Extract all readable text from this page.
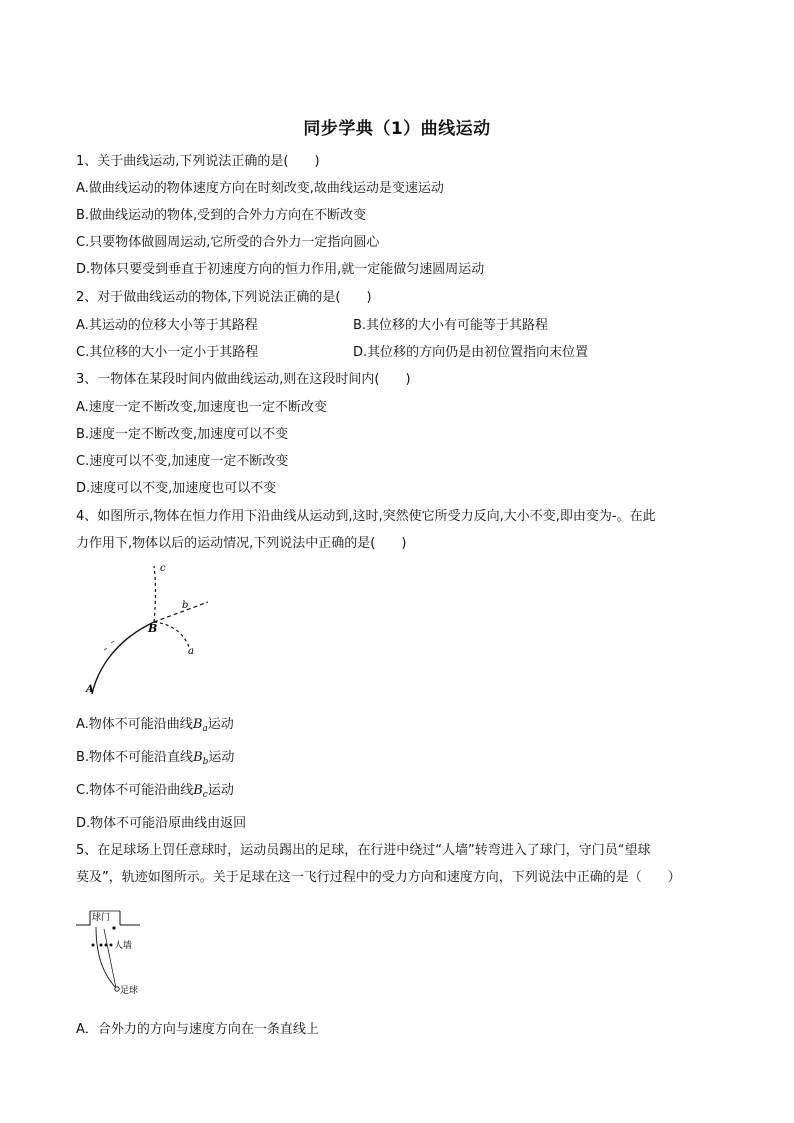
同步学典（1）曲线运动
1、关于曲线运动,下列说法正确的是(　　)
A.做曲线运动的物体速度方向在时刻改变,故曲线运动是变速运动
B.做曲线运动的物体,受到的合外力方向在不断改变
C.只要物体做圆周运动,它所受的合外力一定指向圆心
D.物体只要受到垂直于初速度方向的恒力作用,就一定能做匀速圆周运动
2、对于做曲线运动的物体,下列说法正确的是(　　)
A.其运动的位移大小等于其路程	B.其位移的大小有可能等于其路程
C.其位移的大小一定小于其路程	D.其位移的方向仍是由初位置指向末位置
3、一物体在某段时间内做曲线运动,则在这段时间内(　　)
A.速度一定不断改变,加速度也一定不断改变
B.速度一定不断改变,加速度可以不变
C.速度可以不变,加速度一定不断改变
D.速度可以不变,加速度也可以不变
4、如图所示,物体在恒力作用下沿曲线从运动到,这时,突然使它所受力反向,大小不变,即由变为-。在此
力作用下,物体以后的运动情况,下列说法中正确的是(　　)
c
b
B
a
A
A.物体不可能沿曲线$B_a$运动
B.物体不可能沿直线$B_b$运动
C.物体不可能沿曲线$B_c$运动
D.物体不可能沿原曲线由返回
5、在足球场上罚任意球时，运动员踢出的足球，在行进中绕过“人墙”转弯进入了球门，守门员“望球
莫及”，轨迹如图所示。关于足球在这一飞行过程中的受力方向和速度方向，下列说法中正确的是（　　）
球门
人墙
足球
A．合外力的方向与速度方向在一条直线上
